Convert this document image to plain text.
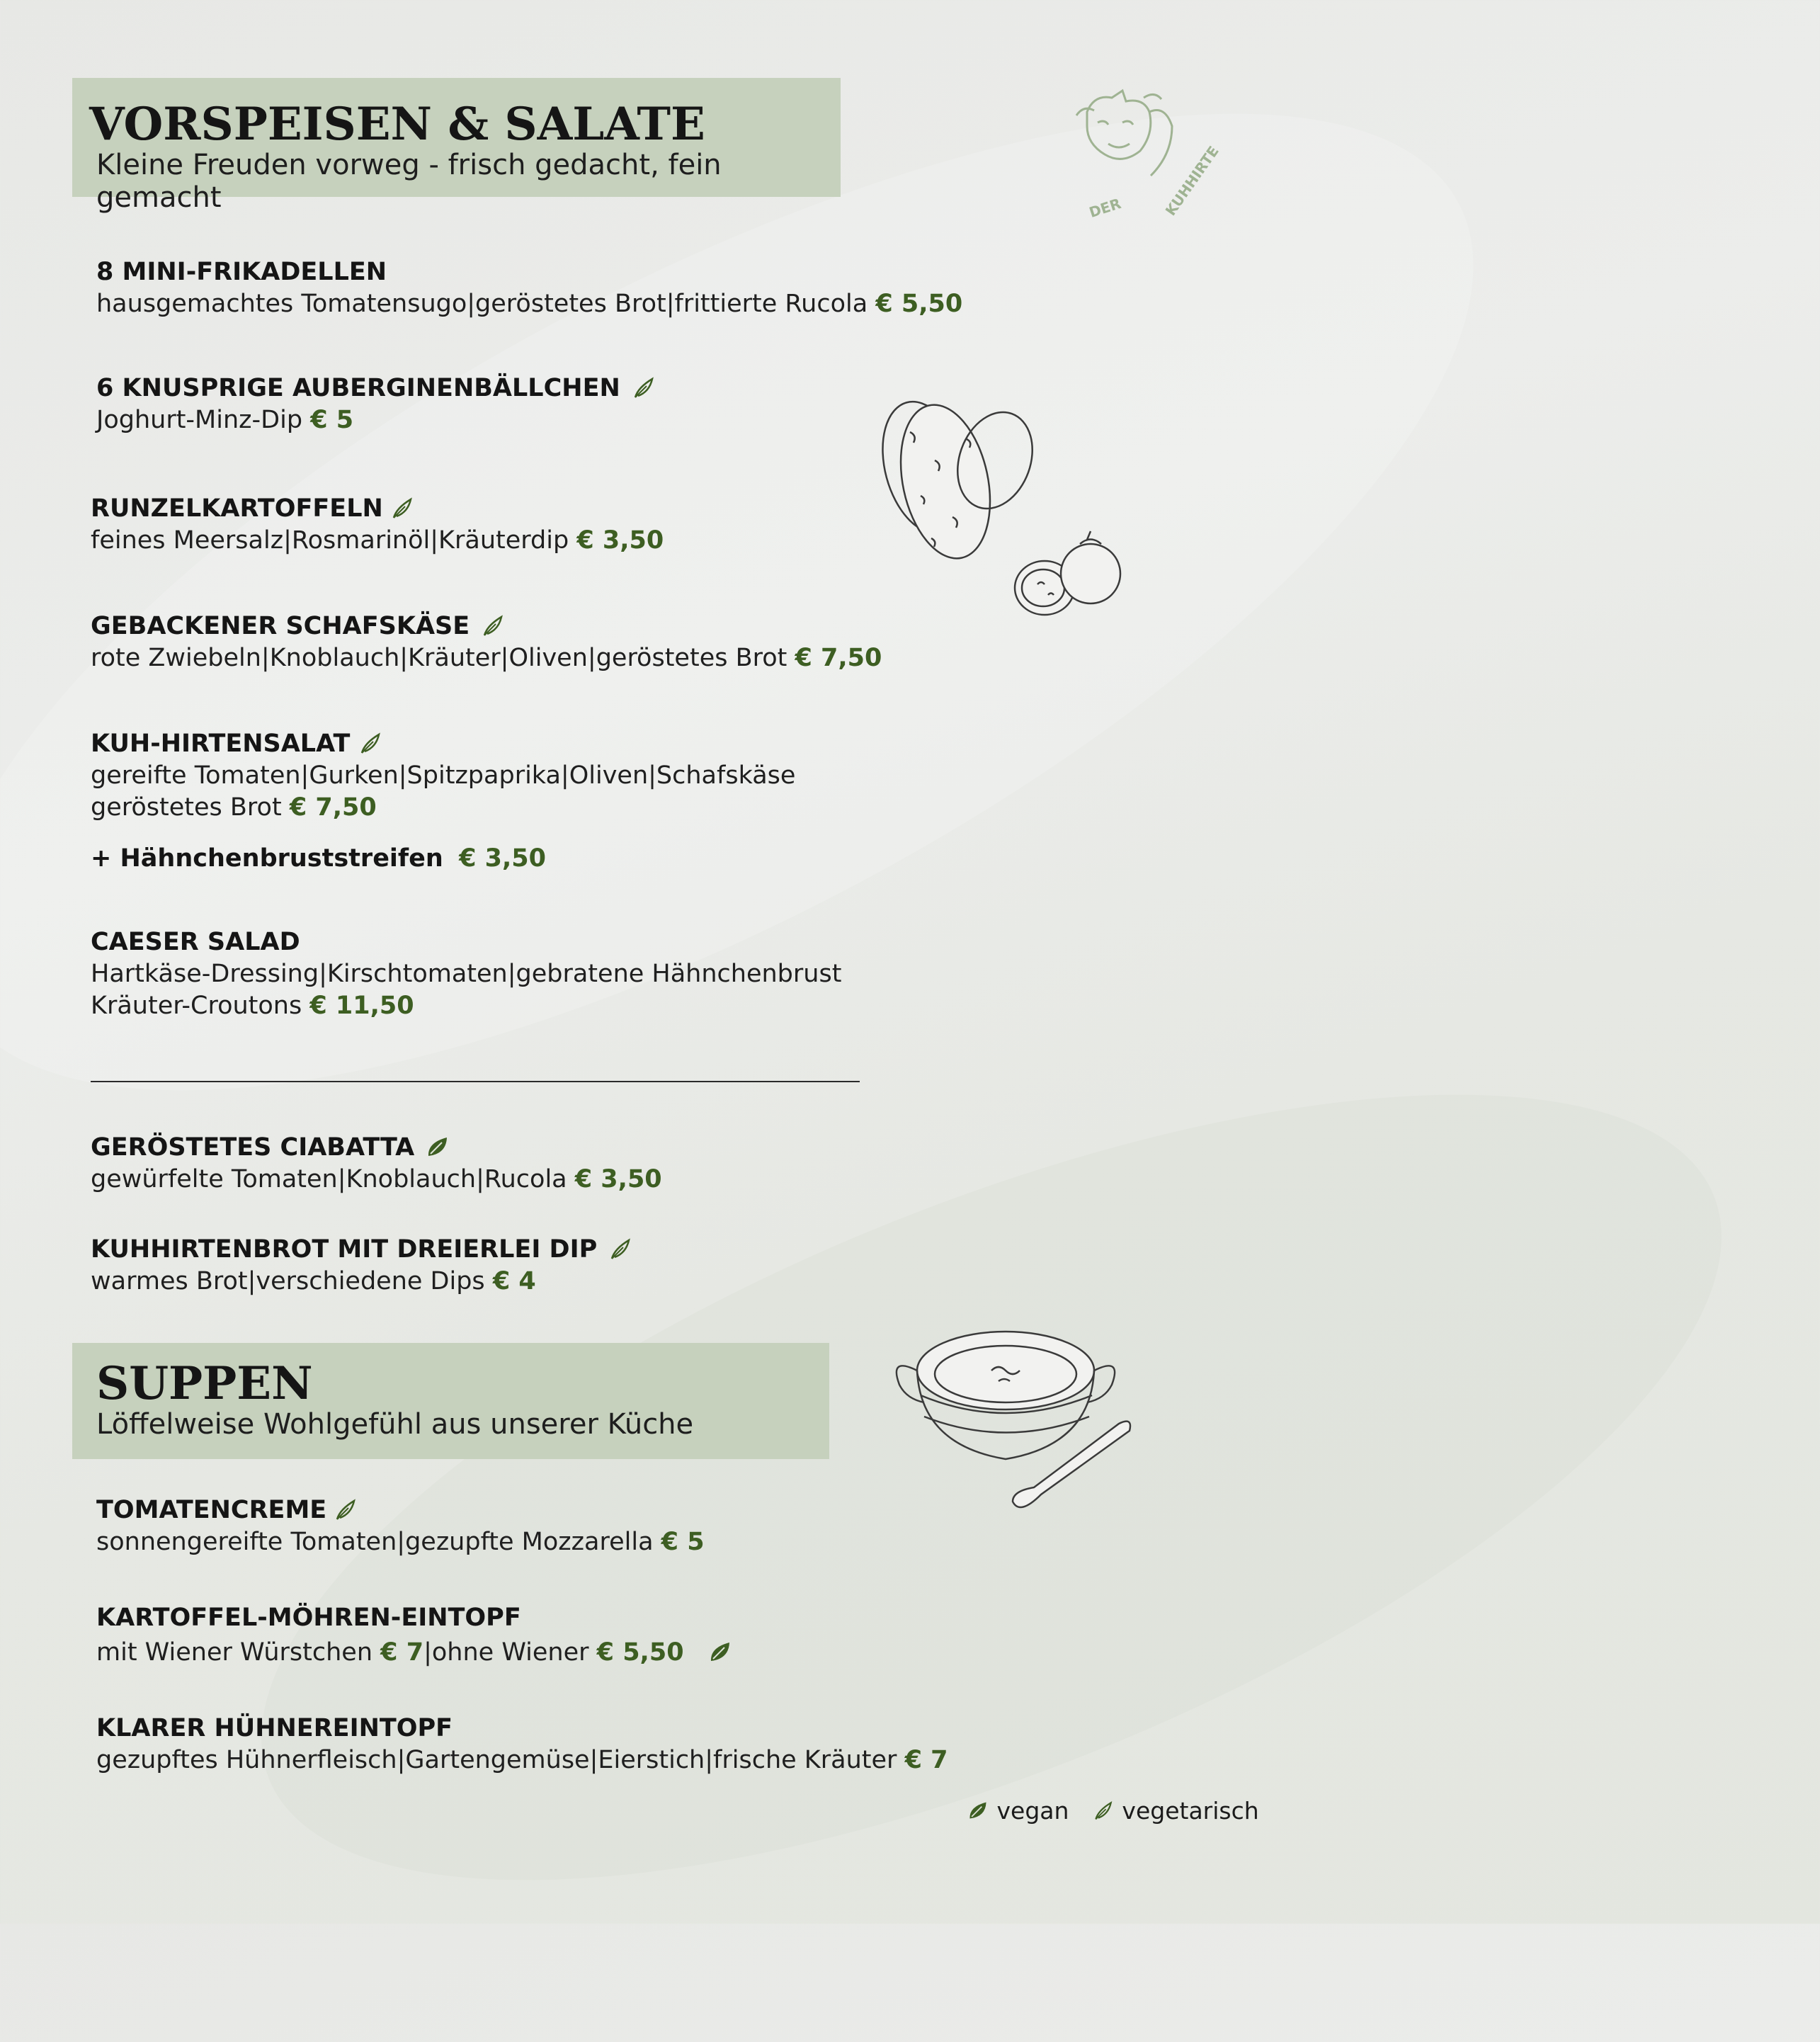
VORSPEISEN & SALATE
Kleine Freuden vorweg - frisch gedacht, fein gemacht	DER	KUHHIRTE
8 MINI-FRIKADELLEN
hausgemachtes Tomatensugo|geröstetes Brot|frittierte Rucola € 5,50
6 KNUSPRIGE AUBERGINENBÄLLCHEN
Joghurt-Minz-Dip € 5
RUNZELKARTOFFELN
feines Meersalz|Rosmarinöl|Kräuterdip € 3,50
GEBACKENER SCHAFSKÄSE
rote Zwiebeln|Knoblauch|Kräuter|Oliven|geröstetes Brot € 7,50
KUH-HIRTENSALAT
gereifte Tomaten|Gurken|Spitzpaprika|Oliven|Schafskäse
geröstetes Brot € 7,50
+ Hähnchenbruststreifen € 3,50
CAESER SALAD
Hartkäse-Dressing|Kirschtomaten|gebratene Hähnchenbrust
Kräuter-Croutons € 11,50
GERÖSTETES CIABATTA
gewürfelte Tomaten|Knoblauch|Rucola € 3,50
KUHHIRTENBROT MIT DREIERLEI DIP
warmes Brot|verschiedene Dips € 4
SUPPEN
Löffelweise Wohlgefühl aus unserer Küche
TOMATENCREME
sonnengereifte Tomaten|gezupfte Mozzarella € 5
KARTOFFEL-MÖHREN-EINTOPF
mit Wiener Würstchen € 7|ohne Wiener € 5,50
KLARER HÜHNEREINTOPF
gezupftes Hühnerfleisch|Gartengemüse|Eierstich|frische Kräuter € 7
vegan vegetarisch
